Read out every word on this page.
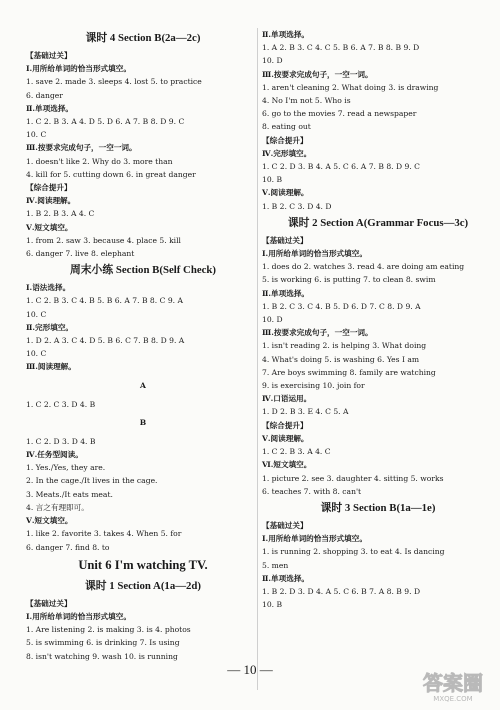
课时 4 Section B(2a—2c)
【基础过关】
Ⅰ.用所给单词的恰当形式填空。
1. save 2. made 3. sleeps 4. lost 5. to practice
6. danger
Ⅱ.单项选择。
1. C 2. B 3. A 4. D 5. D 6. A 7. B 8. D 9. C
10. C
Ⅲ.按要求完成句子，一空一词。
1. doesn't like 2. Why do 3. more than
4. kill for 5. cutting down 6. in great danger
【综合提升】
Ⅳ.阅读理解。
1. B 2. B 3. A 4. C
Ⅴ.短文填空。
1. from 2. saw 3. because 4. place 5. kill
6. danger 7. live 8. elephant
周末小练 Section B(Self Check)
Ⅰ.语法选择。
1. C 2. B 3. C 4. B 5. B 6. A 7. B 8. C 9. A
10. C
Ⅱ.完形填空。
1. D 2. A 3. C 4. D 5. B 6. C 7. B 8. D 9. A
10. C
Ⅲ.阅读理解。
A
1. C 2. C 3. D 4. B
B
1. C 2. D 3. D 4. B
Ⅳ.任务型阅读。
1. Yes./Yes, they are.
2. In the cage./It lives in the cage.
3. Meats./It eats meat.
4. 言之有理即可。
Ⅴ.短文填空。
1. like 2. favorite 3. takes 4. When 5. for
6. danger 7. find 8. to
Unit 6 I'm watching TV.
课时 1 Section A(1a—2d)
【基础过关】
Ⅰ.用所给单词的恰当形式填空。
1. Are listening 2. is making 3. is 4. photos
5. is swimming 6. is drinking 7. Is using
8. isn't watching 9. wash 10. is running
Ⅱ.单项选择。
1. A 2. B 3. C 4. C 5. B 6. A 7. B 8. B 9. D
10. D
Ⅲ.按要求完成句子，一空一词。
1. aren't cleaning 2. What doing 3. is drawing
4. No I'm not 5. Who is
6. go to the movies 7. read a newspaper
8. eating out
【综合提升】
Ⅳ.完形填空。
1. C 2. D 3. B 4. A 5. C 6. A 7. B 8. D 9. C
10. B
Ⅴ.阅读理解。
1. B 2. C 3. D 4. D
课时 2 Section A(Grammar Focus—3c)
【基础过关】
Ⅰ.用所给单词的恰当形式填空。
1. does do 2. watches 3. read 4. are doing am eating
5. is working 6. is putting 7. to clean 8. swim
Ⅱ.单项选择。
1. B 2. C 3. C 4. B 5. D 6. D 7. C 8. D 9. A
10. D
Ⅲ.按要求完成句子，一空一词。
1. isn't reading 2. is helping 3. What doing
4. What's doing 5. is washing 6. Yes I am
7. Are boys swimming 8. family are watching
9. is exercising 10. join for
Ⅳ.口语运用。
1. D 2. B 3. E 4. C 5. A
【综合提升】
Ⅴ.阅读理解。
1. C 2. B 3. A 4. C
Ⅵ.短文填空。
1. picture 2. see 3. daughter 4. sitting 5. works
6. teaches 7. with 8. can't
课时 3 Section B(1a—1e)
【基础过关】
Ⅰ.用所给单词的恰当形式填空。
1. is running 2. shopping 3. to eat 4. Is dancing
5. men
Ⅱ.单项选择。
1. B 2. D 3. D 4. A 5. C 6. B 7. A 8. B 9. D
10. B
— 10 —
答案圈
MXQE.COM
